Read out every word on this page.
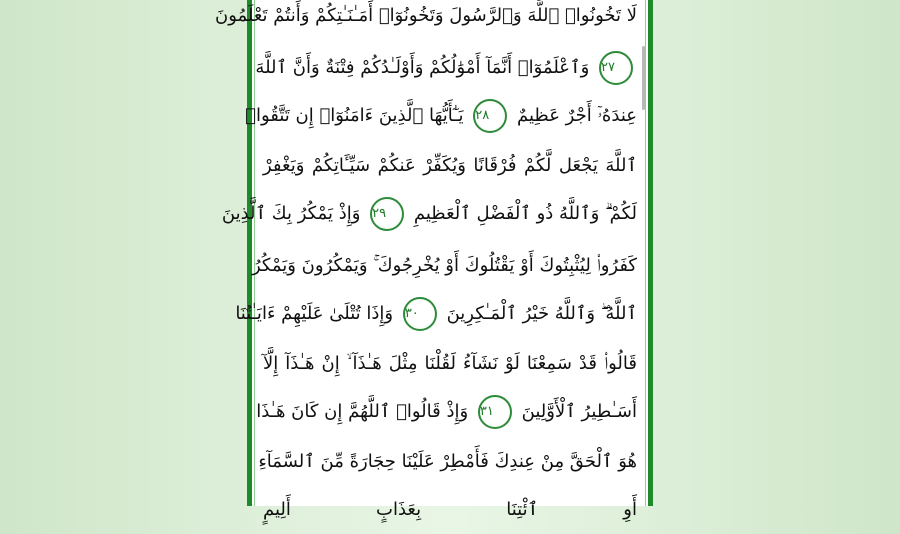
لَا تَخُونُوا۟ ٱللَّهَ وَٱلرَّسُولَ وَتَخُونُوٓا۟ أَمَـٰنَـٰتِكُمْ وَأَنتُمْ تَعْلَمُونَ
٢٧ وَٱعْلَمُوٓا۟ أَنَّمَآ أَمْوَٰلُكُمْ وَأَوْلَـٰدُكُمْ فِتْنَةٌ وَأَنَّ ٱللَّهَ
عِندَهُۥٓ أَجْرٌ عَظِيمٌ ٢٨ يَـٰٓأَيُّهَا ٱلَّذِينَ ءَامَنُوٓا۟ إِن تَتَّقُوا۟
ٱللَّهَ يَجْعَل لَّكُمْ فُرْقَانًا وَيُكَفِّرْ عَنكُمْ سَيِّـَٔاتِكُمْ وَيَغْفِرْ
لَكُمْ ۗ وَٱللَّهُ ذُو ٱلْفَضْلِ ٱلْعَظِيمِ ٢٩ وَإِذْ يَمْكُرُ بِكَ ٱلَّذِينَ
كَفَرُوا۟ لِيُثْبِتُوكَ أَوْ يَقْتُلُوكَ أَوْ يُخْرِجُوكَ ۚ وَيَمْكُرُونَ وَيَمْكُرُ
ٱللَّهُ ۖ وَٱللَّهُ خَيْرُ ٱلْمَـٰكِرِينَ ٣٠ وَإِذَا تُتْلَىٰ عَلَيْهِمْ ءَايَـٰتُنَا
قَالُوا۟ قَدْ سَمِعْنَا لَوْ نَشَآءُ لَقُلْنَا مِثْلَ هَـٰذَآ ۙ إِنْ هَـٰذَآ إِلَّآ
أَسَـٰطِيرُ ٱلْأَوَّلِينَ ٣١ وَإِذْ قَالُوا۟ ٱللَّهُمَّ إِن كَانَ هَـٰذَا
هُوَ ٱلْحَقَّ مِنْ عِندِكَ فَأَمْطِرْ عَلَيْنَا حِجَارَةً مِّنَ ٱلسَّمَآءِ
أَوِ ٱئْتِنَا بِعَذَابٍ أَلِيمٍ
